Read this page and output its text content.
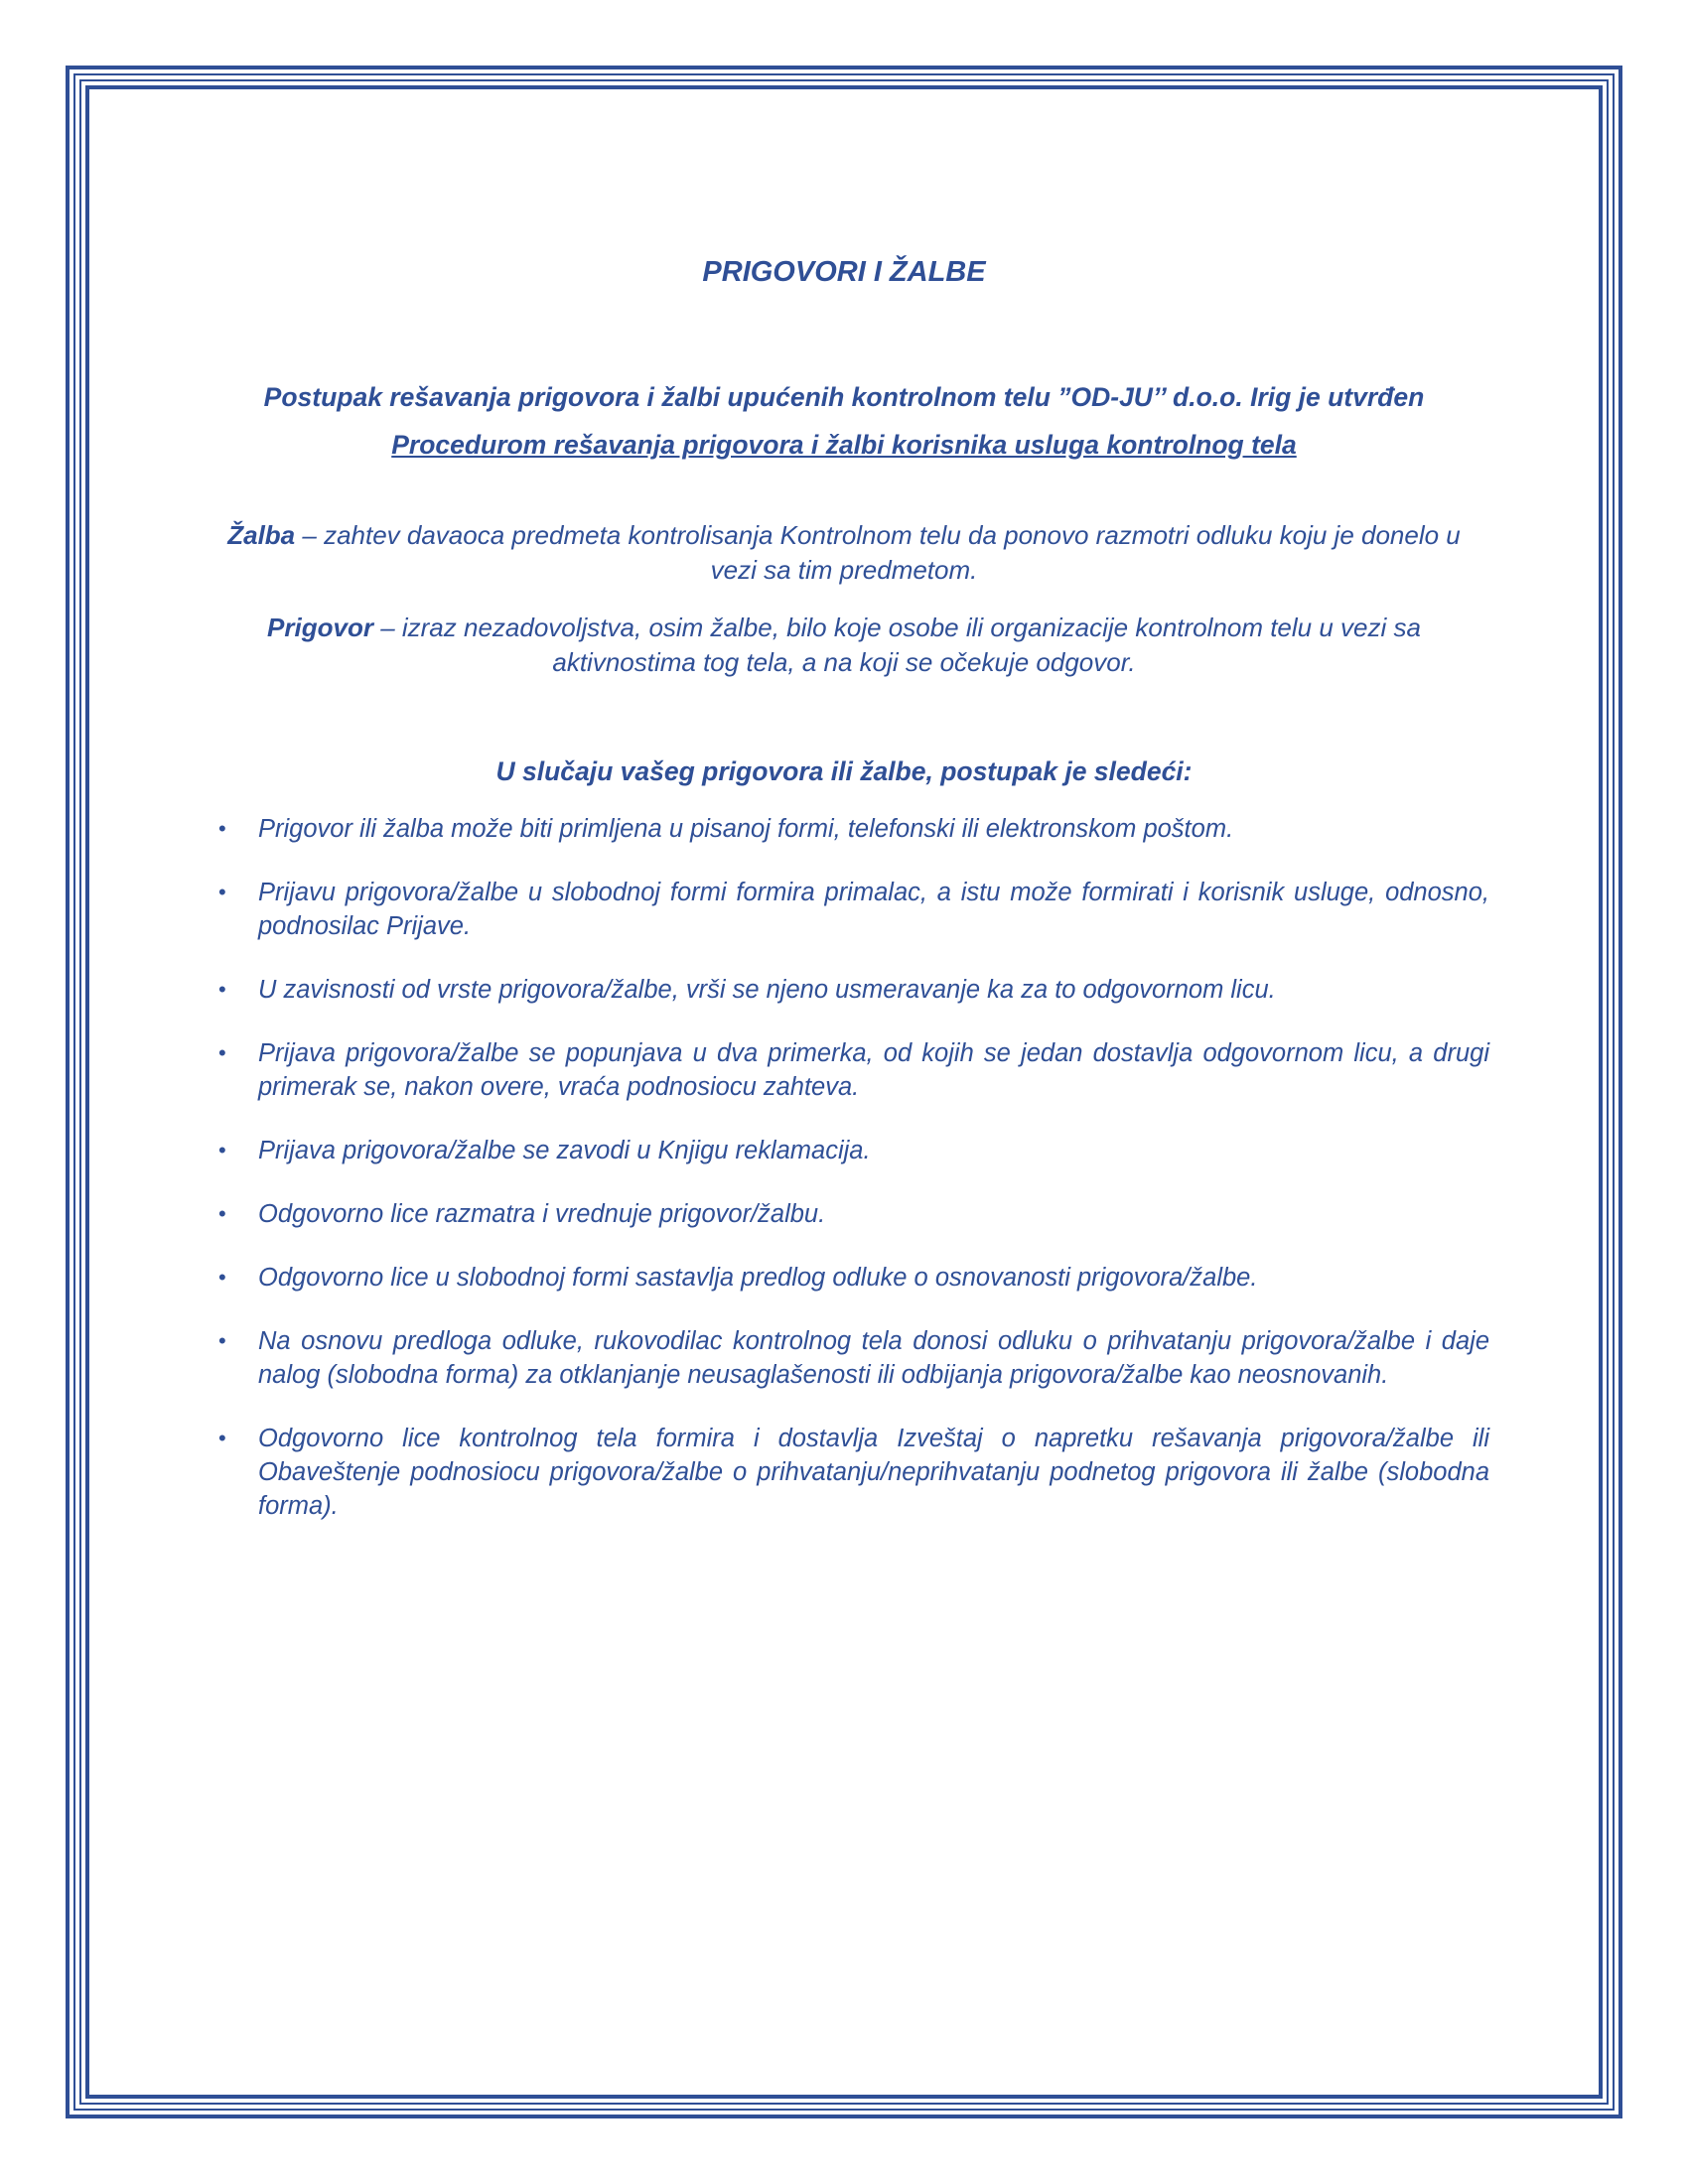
PRIGOVORI I ŽALBE

Postupak rešavanja prigovora i žalbi upućenih kontrolnom telu ”OD-JU’’ d.o.o. Irig je utvrđen
Procedurom rešavanja prigovora i žalbi korisnika usluga kontrolnog tela

Žalba – zahtev davaoca predmeta kontrolisanja Kontrolnom telu da ponovo razmotri odluku koju je donelo u vezi sa tim predmetom.

Prigovor – izraz nezadovoljstva, osim žalbe, bilo koje osobe ili organizacije kontrolnom telu u vezi sa aktivnostima tog tela, a na koji se očekuje odgovor.

U slučaju vašeg prigovora ili žalbe, postupak je sledeći:
• Prigovor ili žalba može biti primljena u pisanoj formi, telefonski ili elektronskom poštom.
• Prijavu prigovora/žalbe u slobodnoj formi formira primalac, a istu može formirati i korisnik usluge, odnosno, podnosilac Prijave.
• U zavisnosti od vrste prigovora/žalbe, vrši se njeno usmeravanje ka za to odgovornom licu.
• Prijava prigovora/žalbe se popunjava u dva primerka, od kojih se jedan dostavlja odgovornom licu, a drugi primerak se, nakon overe, vraća podnosiocu zahteva.
• Prijava prigovora/žalbe se zavodi u Knjigu reklamacija.
• Odgovorno lice razmatra i vrednuje prigovor/žalbu.
• Odgovorno lice u slobodnoj formi sastavlja predlog odluke o osnovanosti prigovora/žalbe.
• Na osnovu predloga odluke, rukovodilac kontrolnog tela donosi odluku o prihvatanju prigovora/žalbe i daje nalog (slobodna forma) za otklanjanje neusaglašenosti ili odbijanja prigovora/žalbe kao neosnovanih.
• Odgovorno lice kontrolnog tela formira i dostavlja Izveštaj o napretku rešavanja prigovora/žalbe ili Obaveštenje podnosiocu prigovora/žalbe o prihvatanju/neprihvatanju podnetog prigovora ili žalbe (slobodna forma).
